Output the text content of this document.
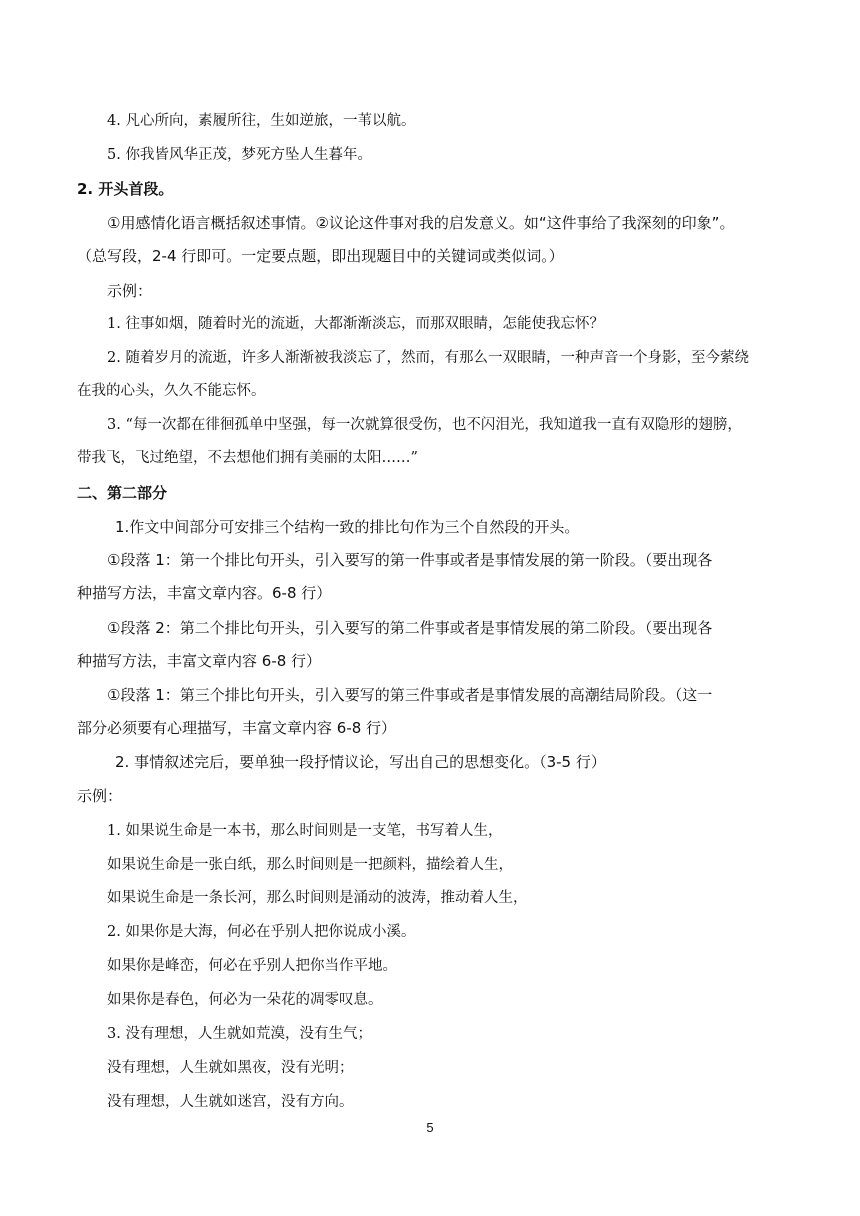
4. 凡心所向，素履所往，生如逆旅，一苇以航。
5. 你我皆风华正茂，梦死方坠人生暮年。
2. 开头首段。
①用感情化语言概括叙述事情。②议论这件事对我的启发意义。如“这件事给了我深刻的印象”。
（总写段，2-4 行即可。一定要点题，即出现题目中的关键词或类似词。）
示例：
1. 往事如烟，随着时光的流逝，大都渐渐淡忘，而那双眼睛，怎能使我忘怀？
2. 随着岁月的流逝，许多人渐渐被我淡忘了，然而，有那么一双眼睛，一种声音一个身影，至今萦绕
在我的心头，久久不能忘怀。
3. “每一次都在徘徊孤单中坚强，每一次就算很受伤，也不闪泪光，我知道我一直有双隐形的翅膀，
带我飞，飞过绝望，不去想他们拥有美丽的太阳……”
二、第二部分
1.作文中间部分可安排三个结构一致的排比句作为三个自然段的开头。
①段落 1：第一个排比句开头，引入要写的第一件事或者是事情发展的第一阶段。（要出现各
种描写方法，丰富文章内容。6-8 行）
①段落 2：第二个排比句开头，引入要写的第二件事或者是事情发展的第二阶段。（要出现各
种描写方法，丰富文章内容 6-8 行）
①段落 1：第三个排比句开头，引入要写的第三件事或者是事情发展的高潮结局阶段。（这一
部分必须要有心理描写，丰富文章内容 6-8 行）
2. 事情叙述完后，要单独一段抒情议论，写出自己的思想变化。（3-5 行）
示例：
1. 如果说生命是一本书，那么时间则是一支笔，书写着人生，
如果说生命是一张白纸，那么时间则是一把颜料，描绘着人生，
如果说生命是一条长河，那么时间则是涌动的波涛，推动着人生，
2. 如果你是大海，何必在乎别人把你说成小溪。
如果你是峰峦，何必在乎别人把你当作平地。
如果你是春色，何必为一朵花的凋零叹息。
3. 没有理想，人生就如荒漠，没有生气；
没有理想，人生就如黑夜，没有光明；
没有理想，人生就如迷宫，没有方向。
5
